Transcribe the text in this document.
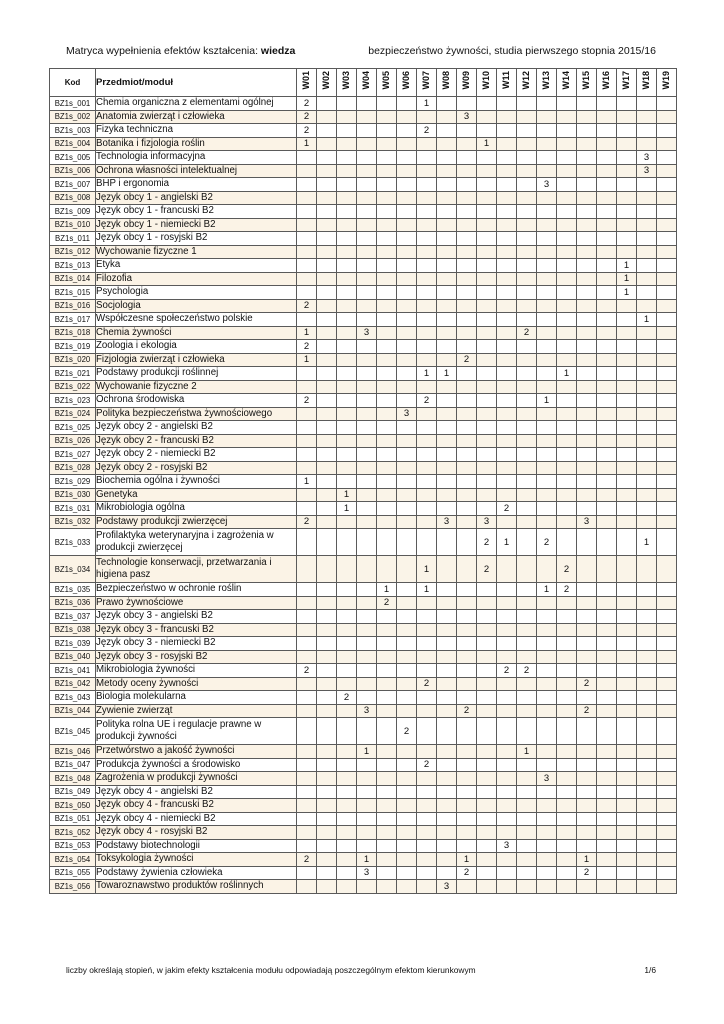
Matryca wypełnienia efektów kształcenia: wiedza	bezpieczeństwo żywności, studia pierwszego stopnia 2015/16
Kod	Przedmiot/moduł	W01	W02	W03	W04	W05	W06	W07	W08	W09	W10	W11	W12	W13	W14	W15	W16	W17	W18	W19
BZ1s_001	Chemia organiczna z elementami ogólnej	2						1												
BZ1s_002	Anatomia zwierząt i człowieka	2								3										
BZ1s_003	Fizyka techniczna	2						2												
BZ1s_004	Botanika i fizjologia roślin	1									1									
BZ1s_005	Technologia informacyjna																		3	
BZ1s_006	Ochrona własności intelektualnej																		3	
BZ1s_007	BHP i ergonomia													3						
BZ1s_008	Język obcy 1 - angielski B2																			
BZ1s_009	Język obcy 1 - francuski B2																			
BZ1s_010	Język obcy 1 - niemiecki B2																			
BZ1s_011	Język obcy 1 - rosyjski B2																			
BZ1s_012	Wychowanie fizyczne 1																			
BZ1s_013	Etyka																	1		
BZ1s_014	Filozofia																	1		
BZ1s_015	Psychologia																	1		
BZ1s_016	Socjologia	2																		
BZ1s_017	Współczesne społeczeństwo polskie																		1	
BZ1s_018	Chemia żywności	1			3								2							
BZ1s_019	Zoologia i ekologia	2																		
BZ1s_020	Fizjologia zwierząt i człowieka	1								2										
BZ1s_021	Podstawy produkcji roślinnej							1	1						1					
BZ1s_022	Wychowanie fizyczne 2																			
BZ1s_023	Ochrona środowiska	2						2						1						
BZ1s_024	Polityka bezpieczeństwa żywnościowego						3													
BZ1s_025	Język obcy 2 - angielski B2																			
BZ1s_026	Język obcy 2 - francuski B2																			
BZ1s_027	Język obcy 2 - niemiecki B2																			
BZ1s_028	Język obcy 2 - rosyjski B2																			
BZ1s_029	Biochemia ogólna i żywności	1																		
BZ1s_030	Genetyka			1																
BZ1s_031	Mikrobiologia ogólna			1								2								
BZ1s_032	Podstawy produkcji zwierzęcej	2							3		3					3				
BZ1s_033	Profilaktyka weterynaryjna i zagrożenia w produkcji zwierzęcej										2	1		2					1	
BZ1s_034	Technologie konserwacji, przetwarzania i higiena pasz							1			2				2					
BZ1s_035	Bezpieczeństwo w ochronie roślin					1		1						1	2					
BZ1s_036	Prawo żywnościowe					2														
BZ1s_037	Język obcy 3 - angielski B2																			
BZ1s_038	Język obcy 3 - francuski B2																			
BZ1s_039	Język obcy 3 - niemiecki B2																			
BZ1s_040	Język obcy 3 - rosyjski B2																			
BZ1s_041	Mikrobiologia żywności	2										2	2							
BZ1s_042	Metody oceny żywności							2								2				
BZ1s_043	Biologia molekularna			2																
BZ1s_044	Żywienie zwierząt				3					2						2				
BZ1s_045	Polityka rolna UE i regulacje prawne w produkcji żywności						2													
BZ1s_046	Przetwórstwo a jakość żywności				1								1							
BZ1s_047	Produkcja żywności a środowisko							2												
BZ1s_048	Zagrożenia w produkcji żywności													3						
BZ1s_049	Język obcy 4 - angielski B2																			
BZ1s_050	Język obcy 4 - francuski B2																			
BZ1s_051	Język obcy 4 - niemiecki B2																			
BZ1s_052	Język obcy 4 - rosyjski B2																			
BZ1s_053	Podstawy biotechnologii											3								
BZ1s_054	Toksykologia żywności	2			1					1						1				
BZ1s_055	Podstawy żywienia człowieka				3					2						2				
BZ1s_056	Towaroznawstwo produktów roślinnych								3											
liczby określają stopień, w jakim efekty kształcenia modułu odpowiadają poszczególnym efektom kierunkowym	1/6
